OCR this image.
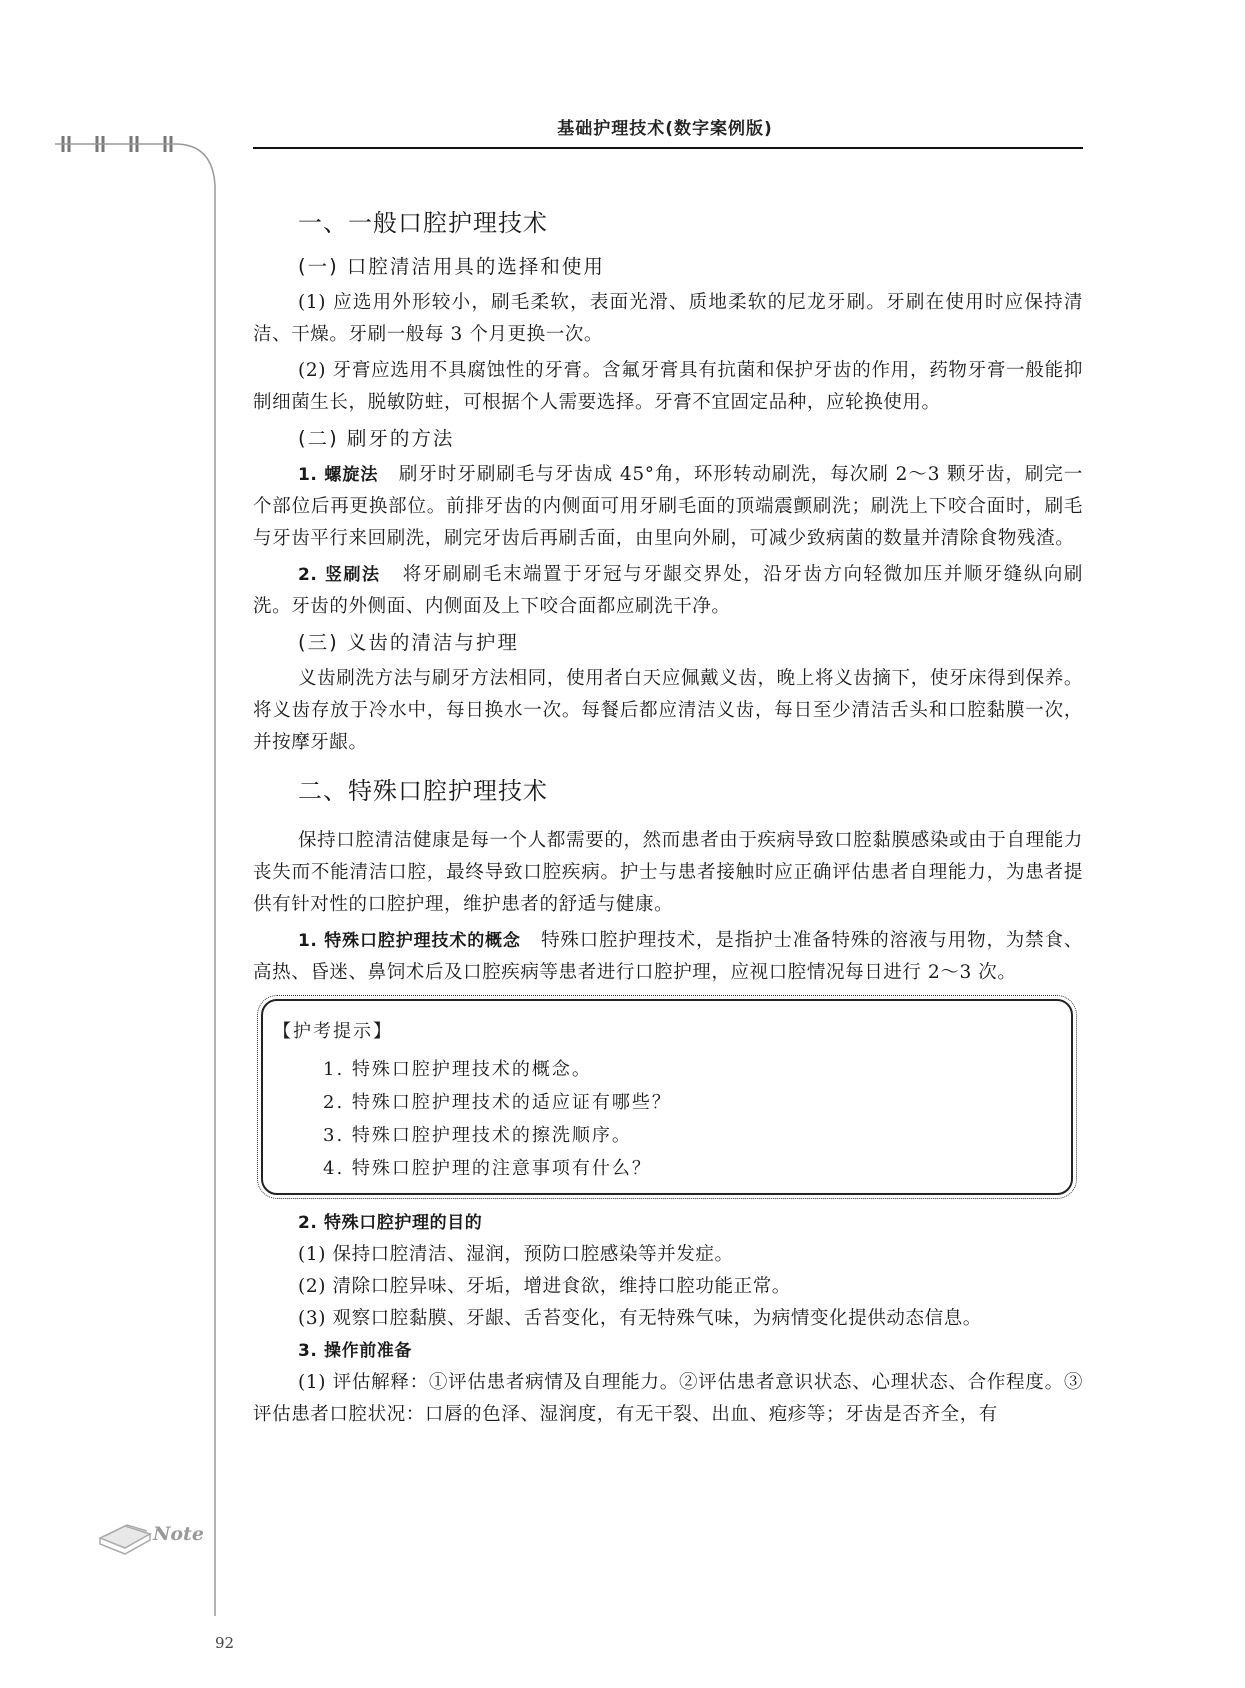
基础护理技术(数字案例版)
Note
92
一、一般口腔护理技术
(一) 口腔清洁用具的选择和使用

(1) 应选用外形较小，刷毛柔软，表面光滑、质地柔软的尼龙牙刷。牙刷在使用时应保持清洁、干燥。牙刷一般每 3 个月更换一次。

(2) 牙膏应选用不具腐蚀性的牙膏。含氟牙膏具有抗菌和保护牙齿的作用，药物牙膏一般能抑制细菌生长，脱敏防蛀，可根据个人需要选择。牙膏不宜固定品种，应轮换使用。

(二) 刷牙的方法

1. 螺旋法 刷牙时牙刷刷毛与牙齿成 45°角，环形转动刷洗，每次刷 2～3 颗牙齿，刷完一个部位后再更换部位。前排牙齿的内侧面可用牙刷毛面的顶端震颤刷洗；刷洗上下咬合面时，刷毛与牙齿平行来回刷洗，刷完牙齿后再刷舌面，由里向外刷，可减少致病菌的数量并清除食物残渣。

2. 竖刷法 将牙刷刷毛末端置于牙冠与牙龈交界处，沿牙齿方向轻微加压并顺牙缝纵向刷洗。牙齿的外侧面、内侧面及上下咬合面都应刷洗干净。

(三) 义齿的清洁与护理

义齿刷洗方法与刷牙方法相同，使用者白天应佩戴义齿，晚上将义齿摘下，使牙床得到保养。将义齿存放于冷水中，每日换水一次。每餐后都应清洁义齿，每日至少清洁舌头和口腔黏膜一次，并按摩牙龈。

二、特殊口腔护理技术

保持口腔清洁健康是每一个人都需要的，然而患者由于疾病导致口腔黏膜感染或由于自理能力丧失而不能清洁口腔，最终导致口腔疾病。护士与患者接触时应正确评估患者自理能力，为患者提供有针对性的口腔护理，维护患者的舒适与健康。

1. 特殊口腔护理技术的概念 特殊口腔护理技术，是指护士准备特殊的溶液与用物，为禁食、高热、昏迷、鼻饲术后及口腔疾病等患者进行口腔护理，应视口腔情况每日进行 2～3 次。

【护考提示】
1. 特殊口腔护理技术的概念。
2. 特殊口腔护理技术的适应证有哪些？
3. 特殊口腔护理技术的擦洗顺序。
4. 特殊口腔护理的注意事项有什么？

2. 特殊口腔护理的目的

(1) 保持口腔清洁、湿润，预防口腔感染等并发症。

(2) 清除口腔异味、牙垢，增进食欲，维持口腔功能正常。

(3) 观察口腔黏膜、牙龈、舌苔变化，有无特殊气味，为病情变化提供动态信息。

3. 操作前准备

(1) 评估解释：①评估患者病情及自理能力。②评估患者意识状态、心理状态、合作程度。③评估患者口腔状况：口唇的色泽、湿润度，有无干裂、出血、疱疹等；牙齿是否齐全，有
